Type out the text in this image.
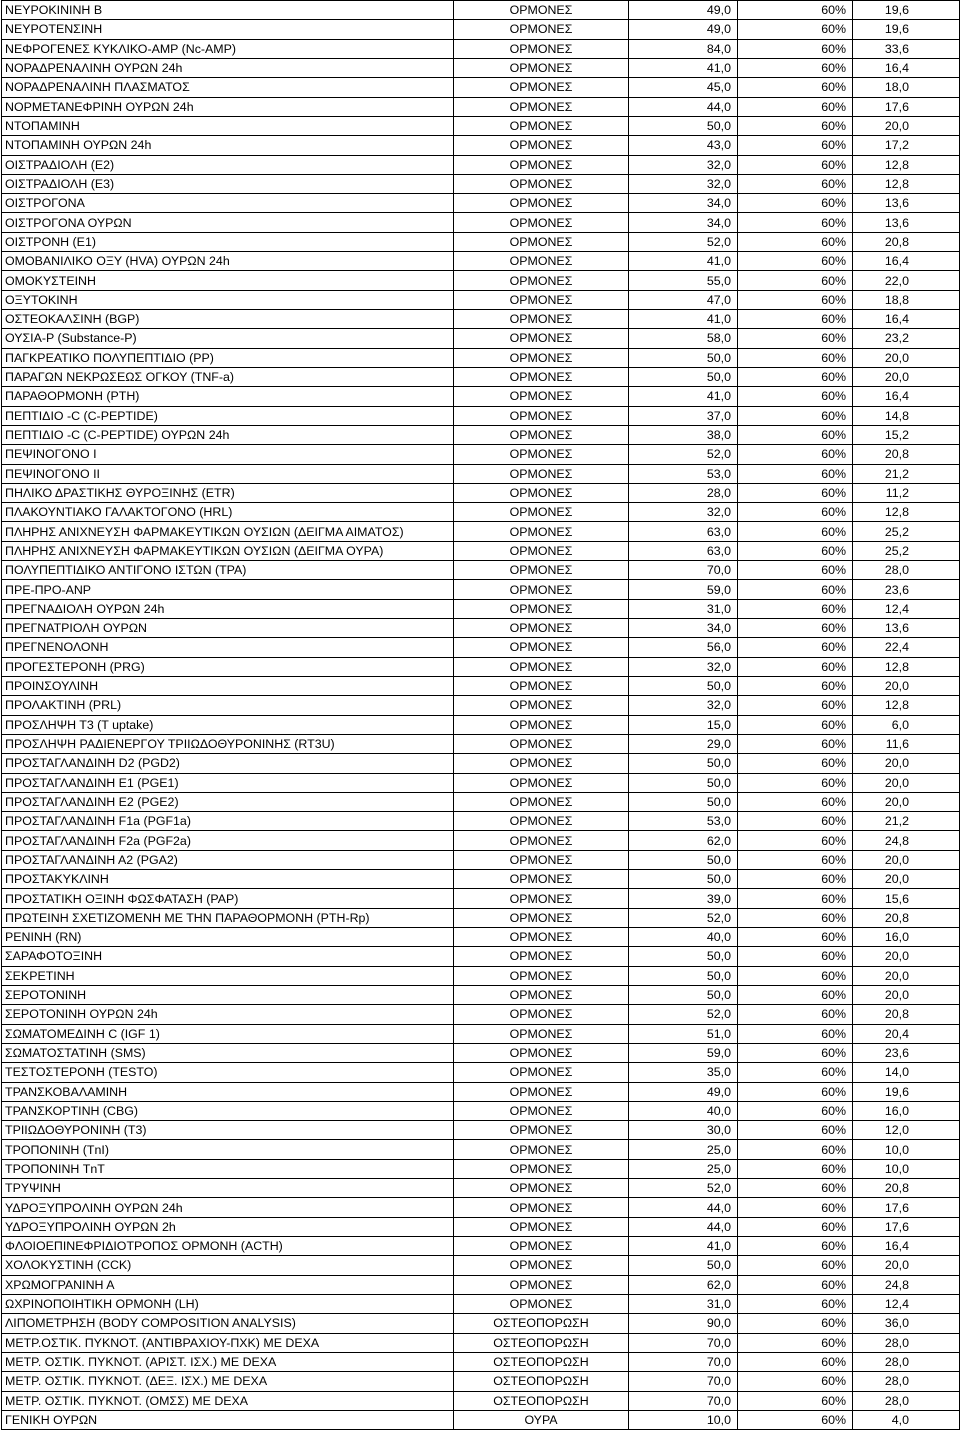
ΝΕΥΡΟΚΙΝΙΝΗ Β	ΟΡΜΟΝΕΣ	49,0	60%	19,6
ΝΕΥΡΟΤΕΝΣΙΝΗ	ΟΡΜΟΝΕΣ	49,0	60%	19,6
ΝΕΦΡΟΓΕΝΕΣ ΚΥΚΛΙΚΟ-AMP (Nc-AMP)	ΟΡΜΟΝΕΣ	84,0	60%	33,6
ΝΟΡΑΔΡΕΝΑΛΙΝΗ ΟΥΡΩΝ 24h	ΟΡΜΟΝΕΣ	41,0	60%	16,4
ΝΟΡΑΔΡΕΝΑΛΙΝΗ ΠΛΑΣΜΑΤΟΣ	ΟΡΜΟΝΕΣ	45,0	60%	18,0
ΝΟΡΜΕΤΑΝΕΦΡΙΝΗ ΟΥΡΩΝ 24h	ΟΡΜΟΝΕΣ	44,0	60%	17,6
ΝΤΟΠΑΜΙΝΗ	ΟΡΜΟΝΕΣ	50,0	60%	20,0
ΝΤΟΠΑΜΙΝΗ ΟΥΡΩΝ 24h	ΟΡΜΟΝΕΣ	43,0	60%	17,2
ΟΙΣΤΡΑΔΙΟΛΗ (Ε2)	ΟΡΜΟΝΕΣ	32,0	60%	12,8
ΟΙΣΤΡΑΔΙΟΛΗ (Ε3)	ΟΡΜΟΝΕΣ	32,0	60%	12,8
ΟΙΣΤΡΟΓΟΝΑ	ΟΡΜΟΝΕΣ	34,0	60%	13,6
ΟΙΣΤΡΟΓΟΝΑ ΟΥΡΩΝ	ΟΡΜΟΝΕΣ	34,0	60%	13,6
ΟΙΣΤΡΟΝΗ (Ε1)	ΟΡΜΟΝΕΣ	52,0	60%	20,8
ΟΜΟΒΑΝΙΛΙΚΟ ΟΞΥ (HVA) ΟΥΡΩΝ 24h	ΟΡΜΟΝΕΣ	41,0	60%	16,4
ΟΜΟΚΥΣΤΕΙΝΗ	ΟΡΜΟΝΕΣ	55,0	60%	22,0
ΟΞΥΤΟΚΙΝΗ	ΟΡΜΟΝΕΣ	47,0	60%	18,8
ΟΣΤΕΟΚΑΛΣΙΝΗ (BGP)	ΟΡΜΟΝΕΣ	41,0	60%	16,4
ΟΥΣΙΑ-P (Substance-P)	ΟΡΜΟΝΕΣ	58,0	60%	23,2
ΠΑΓΚΡΕΑΤΙΚΟ ΠΟΛΥΠΕΠΤΙΔΙΟ (PP)	ΟΡΜΟΝΕΣ	50,0	60%	20,0
ΠΑΡΑΓΩΝ ΝΕΚΡΩΣΕΩΣ ΟΓΚΟΥ (TNF-a)	ΟΡΜΟΝΕΣ	50,0	60%	20,0
ΠΑΡΑΘΟΡΜΟΝΗ (PTH)	ΟΡΜΟΝΕΣ	41,0	60%	16,4
ΠΕΠΤΙΔΙΟ -C (C-PEPTIDE)	ΟΡΜΟΝΕΣ	37,0	60%	14,8
ΠΕΠΤΙΔΙΟ -C (C-PEPTIDE) ΟΥΡΩΝ 24h	ΟΡΜΟΝΕΣ	38,0	60%	15,2
ΠΕΨΙΝΟΓΟΝΟ Ι	ΟΡΜΟΝΕΣ	52,0	60%	20,8
ΠΕΨΙΝΟΓΟΝΟ ΙΙ	ΟΡΜΟΝΕΣ	53,0	60%	21,2
ΠΗΛΙΚΟ ΔΡΑΣΤΙΚΗΣ ΘΥΡΟΞΙΝΗΣ (ETR)	ΟΡΜΟΝΕΣ	28,0	60%	11,2
ΠΛΑΚΟΥΝΤΙΑΚΟ ΓΑΛΑΚΤΟΓΟΝΟ (HRL)	ΟΡΜΟΝΕΣ	32,0	60%	12,8
ΠΛΗΡΗΣ ΑΝΙΧΝΕΥΣΗ ΦΑΡΜΑΚΕΥΤΙΚΩΝ ΟΥΣΙΩΝ (ΔΕΙΓΜΑ ΑΙΜΑΤΟΣ)	ΟΡΜΟΝΕΣ	63,0	60%	25,2
ΠΛΗΡΗΣ ΑΝΙΧΝΕΥΣΗ ΦΑΡΜΑΚΕΥΤΙΚΩΝ ΟΥΣΙΩΝ (ΔΕΙΓΜΑ ΟΥΡΑ)	ΟΡΜΟΝΕΣ	63,0	60%	25,2
ΠΟΛΥΠΕΠΤΙΔΙΚΟ ΑΝΤΙΓΟΝΟ ΙΣΤΩΝ (TPA)	ΟΡΜΟΝΕΣ	70,0	60%	28,0
ΠΡΕ-ΠΡΟ-ANP	ΟΡΜΟΝΕΣ	59,0	60%	23,6
ΠΡΕΓΝΑΔΙΟΛΗ ΟΥΡΩΝ 24h	ΟΡΜΟΝΕΣ	31,0	60%	12,4
ΠΡΕΓΝΑΤΡΙΟΛΗ ΟΥΡΩΝ	ΟΡΜΟΝΕΣ	34,0	60%	13,6
ΠΡΕΓΝΕΝΟΛΟΝΗ	ΟΡΜΟΝΕΣ	56,0	60%	22,4
ΠΡΟΓΕΣΤΕΡΟΝΗ (PRG)	ΟΡΜΟΝΕΣ	32,0	60%	12,8
ΠΡΟΙΝΣΟΥΛΙΝΗ	ΟΡΜΟΝΕΣ	50,0	60%	20,0
ΠΡΟΛΑΚΤΙΝΗ (PRL)	ΟΡΜΟΝΕΣ	32,0	60%	12,8
ΠΡΟΣΛΗΨΗ Τ3 (T uptake)	ΟΡΜΟΝΕΣ	15,0	60%	6,0
ΠΡΟΣΛΗΨΗ ΡΑΔΙΕΝΕΡΓΟΥ ΤΡΙΙΩΔΟΘΥΡΟΝΙΝΗΣ (RT3U)	ΟΡΜΟΝΕΣ	29,0	60%	11,6
ΠΡΟΣΤΑΓΛΑΝΔΙΝΗ D2 (PGD2)	ΟΡΜΟΝΕΣ	50,0	60%	20,0
ΠΡΟΣΤΑΓΛΑΝΔΙΝΗ Ε1 (PGE1)	ΟΡΜΟΝΕΣ	50,0	60%	20,0
ΠΡΟΣΤΑΓΛΑΝΔΙΝΗ Ε2 (PGE2)	ΟΡΜΟΝΕΣ	50,0	60%	20,0
ΠΡΟΣΤΑΓΛΑΝΔΙΝΗ F1a (PGF1a)	ΟΡΜΟΝΕΣ	53,0	60%	21,2
ΠΡΟΣΤΑΓΛΑΝΔΙΝΗ F2a (PGF2a)	ΟΡΜΟΝΕΣ	62,0	60%	24,8
ΠΡΟΣΤΑΓΛΑΝΔΙΝΗ Α2 (PGA2)	ΟΡΜΟΝΕΣ	50,0	60%	20,0
ΠΡΟΣΤΑΚΥΚΛΙΝΗ	ΟΡΜΟΝΕΣ	50,0	60%	20,0
ΠΡΟΣΤΑΤΙΚΗ ΟΞΙΝΗ ΦΩΣΦΑΤΑΣΗ (PAP)	ΟΡΜΟΝΕΣ	39,0	60%	15,6
ΠΡΩΤΕΙΝΗ ΣΧΕΤΙΖΟΜΕΝΗ ΜΕ ΤΗΝ ΠΑΡΑΘΟΡΜΟΝΗ (PTH-Rp)	ΟΡΜΟΝΕΣ	52,0	60%	20,8
ΡΕΝΙΝΗ (RN)	ΟΡΜΟΝΕΣ	40,0	60%	16,0
ΣΑΡΑΦΟΤΟΞΙΝΗ	ΟΡΜΟΝΕΣ	50,0	60%	20,0
ΣΕΚΡΕΤΙΝΗ	ΟΡΜΟΝΕΣ	50,0	60%	20,0
ΣΕΡΟΤΟΝΙΝΗ	ΟΡΜΟΝΕΣ	50,0	60%	20,0
ΣΕΡΟΤΟΝΙΝΗ ΟΥΡΩΝ 24h	ΟΡΜΟΝΕΣ	52,0	60%	20,8
ΣΩΜΑΤΟΜΕΔΙΝΗ C (IGF 1)	ΟΡΜΟΝΕΣ	51,0	60%	20,4
ΣΩΜΑΤΟΣΤΑΤΙΝΗ (SMS)	ΟΡΜΟΝΕΣ	59,0	60%	23,6
ΤΕΣΤΟΣΤΕΡΟΝΗ (TESTO)	ΟΡΜΟΝΕΣ	35,0	60%	14,0
ΤΡΑΝΣΚΟΒΑΛΑΜΙΝΗ	ΟΡΜΟΝΕΣ	49,0	60%	19,6
ΤΡΑΝΣΚΟΡΤΙΝΗ (CBG)	ΟΡΜΟΝΕΣ	40,0	60%	16,0
ΤΡΙΙΩΔΟΘΥΡΟΝΙΝΗ (T3)	ΟΡΜΟΝΕΣ	30,0	60%	12,0
ΤΡΟΠΟΝΙΝΗ (TnI)	ΟΡΜΟΝΕΣ	25,0	60%	10,0
ΤΡΟΠΟΝΙΝΗ TnT	ΟΡΜΟΝΕΣ	25,0	60%	10,0
ΤΡΥΨΙΝΗ	ΟΡΜΟΝΕΣ	52,0	60%	20,8
ΥΔΡΟΞΥΠΡΟΛΙΝΗ ΟΥΡΩΝ 24h	ΟΡΜΟΝΕΣ	44,0	60%	17,6
ΥΔΡΟΞΥΠΡΟΛΙΝΗ ΟΥΡΩΝ 2h	ΟΡΜΟΝΕΣ	44,0	60%	17,6
ΦΛΟΙΟΕΠΙΝΕΦΡΙΔΙΟΤΡΟΠΟΣ ΟΡΜΟΝΗ (ACTH)	ΟΡΜΟΝΕΣ	41,0	60%	16,4
ΧΟΛΟΚΥΣΤΙΝΗ (CCK)	ΟΡΜΟΝΕΣ	50,0	60%	20,0
ΧΡΩΜΟΓΡΑΝΙΝΗ Α	ΟΡΜΟΝΕΣ	62,0	60%	24,8
ΩΧΡΙΝΟΠΟΙΗΤΙΚΗ ΟΡΜΟΝΗ (LH)	ΟΡΜΟΝΕΣ	31,0	60%	12,4
ΛΙΠΟΜΕΤΡΗΣΗ (BODY COMPOSITION ANALYSIS)	ΟΣΤΕΟΠΟΡΩΣΗ	90,0	60%	36,0
ΜΕΤΡ.ΟΣΤΙΚ. ΠΥΚΝΟΤ. (ΑΝΤΙΒΡΑΧΙΟΥ-ΠΧΚ) ΜΕ DEXA	ΟΣΤΕΟΠΟΡΩΣΗ	70,0	60%	28,0
ΜΕΤΡ. ΟΣΤΙΚ. ΠΥΚΝΟΤ. (ΑΡΙΣΤ. ΙΣΧ.) ΜΕ DEXA	ΟΣΤΕΟΠΟΡΩΣΗ	70,0	60%	28,0
ΜΕΤΡ. ΟΣΤΙΚ. ΠΥΚΝΟΤ. (ΔΕΞ. ΙΣΧ.) ΜΕ DEXA	ΟΣΤΕΟΠΟΡΩΣΗ	70,0	60%	28,0
ΜΕΤΡ. ΟΣΤΙΚ. ΠΥΚΝΟΤ. (ΟΜΣΣ) ΜΕ DEXA	ΟΣΤΕΟΠΟΡΩΣΗ	70,0	60%	28,0
ΓΕΝΙΚΗ ΟΥΡΩΝ	ΟΥΡΑ	10,0	60%	4,0
